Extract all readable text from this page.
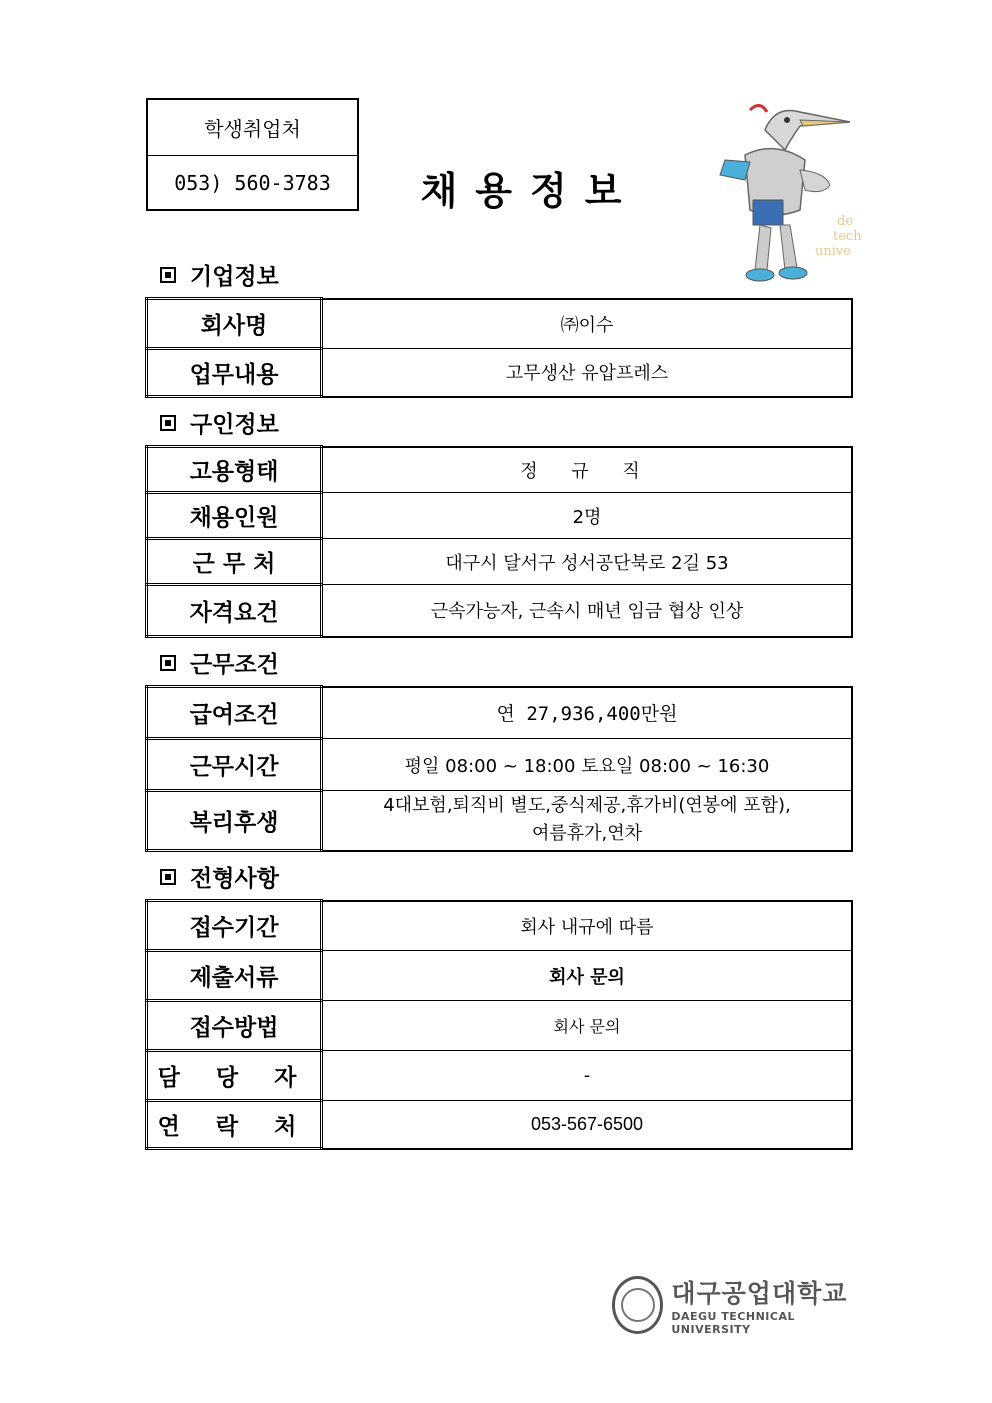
학생취업처
053) 560-3783	채용정보
de
tech
unive
기업정보
회사명	㈜이수
업무내용	고무생산 유압프레스
구인정보
고용형태	정 규 직
채용인원	2명
근 무 처	대구시 달서구 성서공단북로 2길 53
자격요건	근속가능자, 근속시 매년 임금 협상 인상
근무조건
급여조건	연 27,936,400만원
근무시간	평일 08:00 ~ 18:00 토요일 08:00 ~ 16:30
복리후생	4대보험,퇴직비 별도,중식제공,휴가비(연봉에 포함),
여름휴가,연차
전형사항
접수기간	회사 내규에 따름
제출서류	회사 문의
접수방법	회사 문의
담 당 자	-
연 락 처	053-567-6500
대구공업대학교
DAEGU TECHNICAL UNIVERSITY
